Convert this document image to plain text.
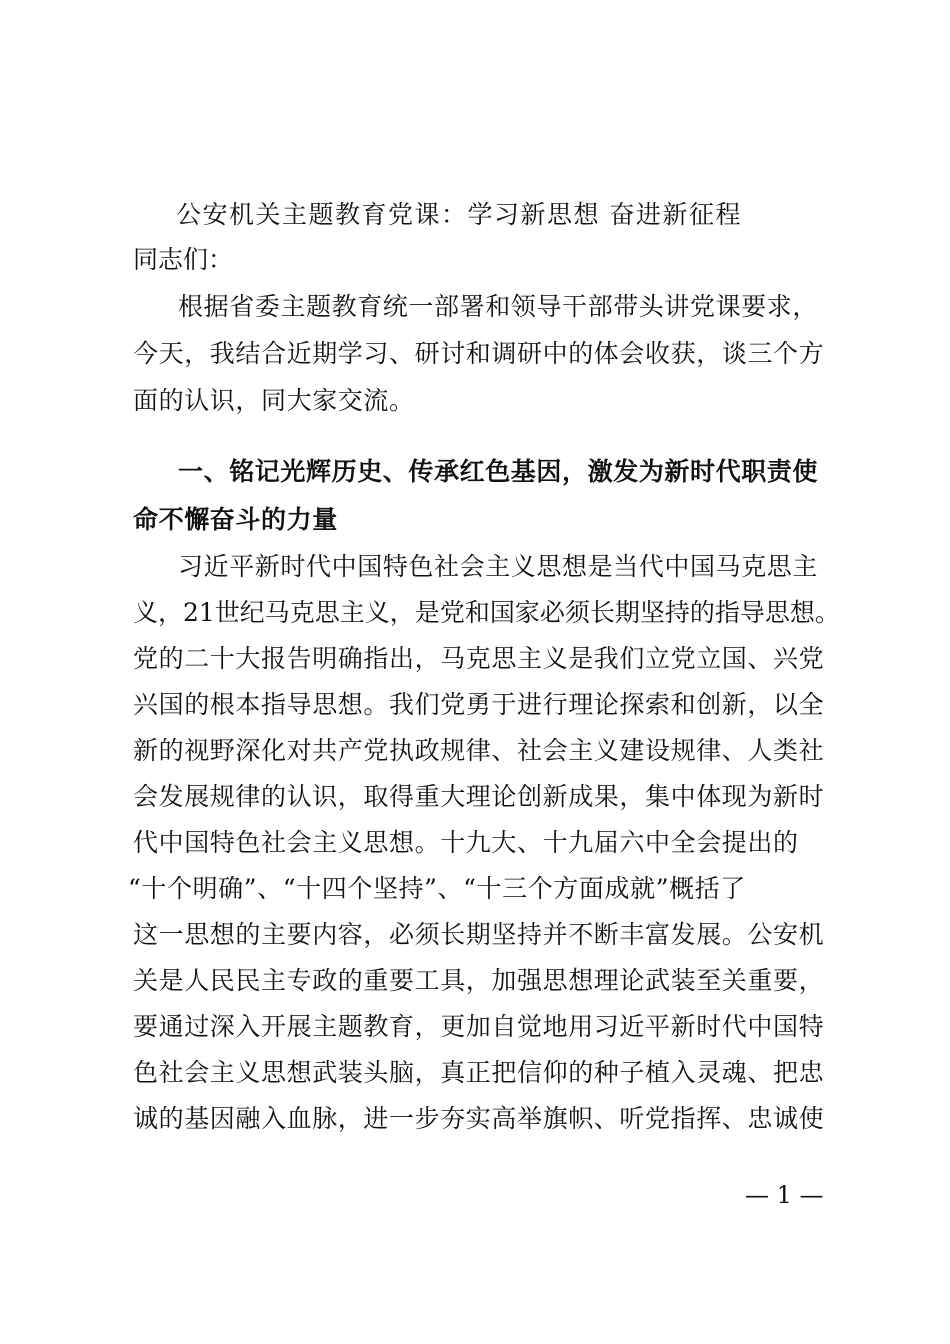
公安机关主题教育党课：学习新思想 奋进新征程
同志们：
根据省委主题教育统一部署和领导干部带头讲党课要求，
今天，我结合近期学习、研讨和调研中的体会收获，谈三个方
面的认识，同大家交流。
一、铭记光辉历史、传承红色基因，激发为新时代职责使
命不懈奋斗的力量
习近平新时代中国特色社会主义思想是当代中国马克思主
义，21世纪马克思主义，是党和国家必须长期坚持的指导思想。
党的二十大报告明确指出，马克思主义是我们立党立国、兴党
兴国的根本指导思想。我们党勇于进行理论探索和创新，以全
新的视野深化对共产党执政规律、社会主义建设规律、人类社
会发展规律的认识，取得重大理论创新成果，集中体现为新时
代中国特色社会主义思想。十九大、十九届六中全会提出的
“十个明确”、“十四个坚持”、“十三个方面成就”概括了
这一思想的主要内容，必须长期坚持并不断丰富发展。公安机
关是人民民主专政的重要工具，加强思想理论武装至关重要，
要通过深入开展主题教育，更加自觉地用习近平新时代中国特
色社会主义思想武装头脑，真正把信仰的种子植入灵魂、把忠
诚的基因融入血脉，进一步夯实高举旗帜、听党指挥、忠诚使
— 1 —
